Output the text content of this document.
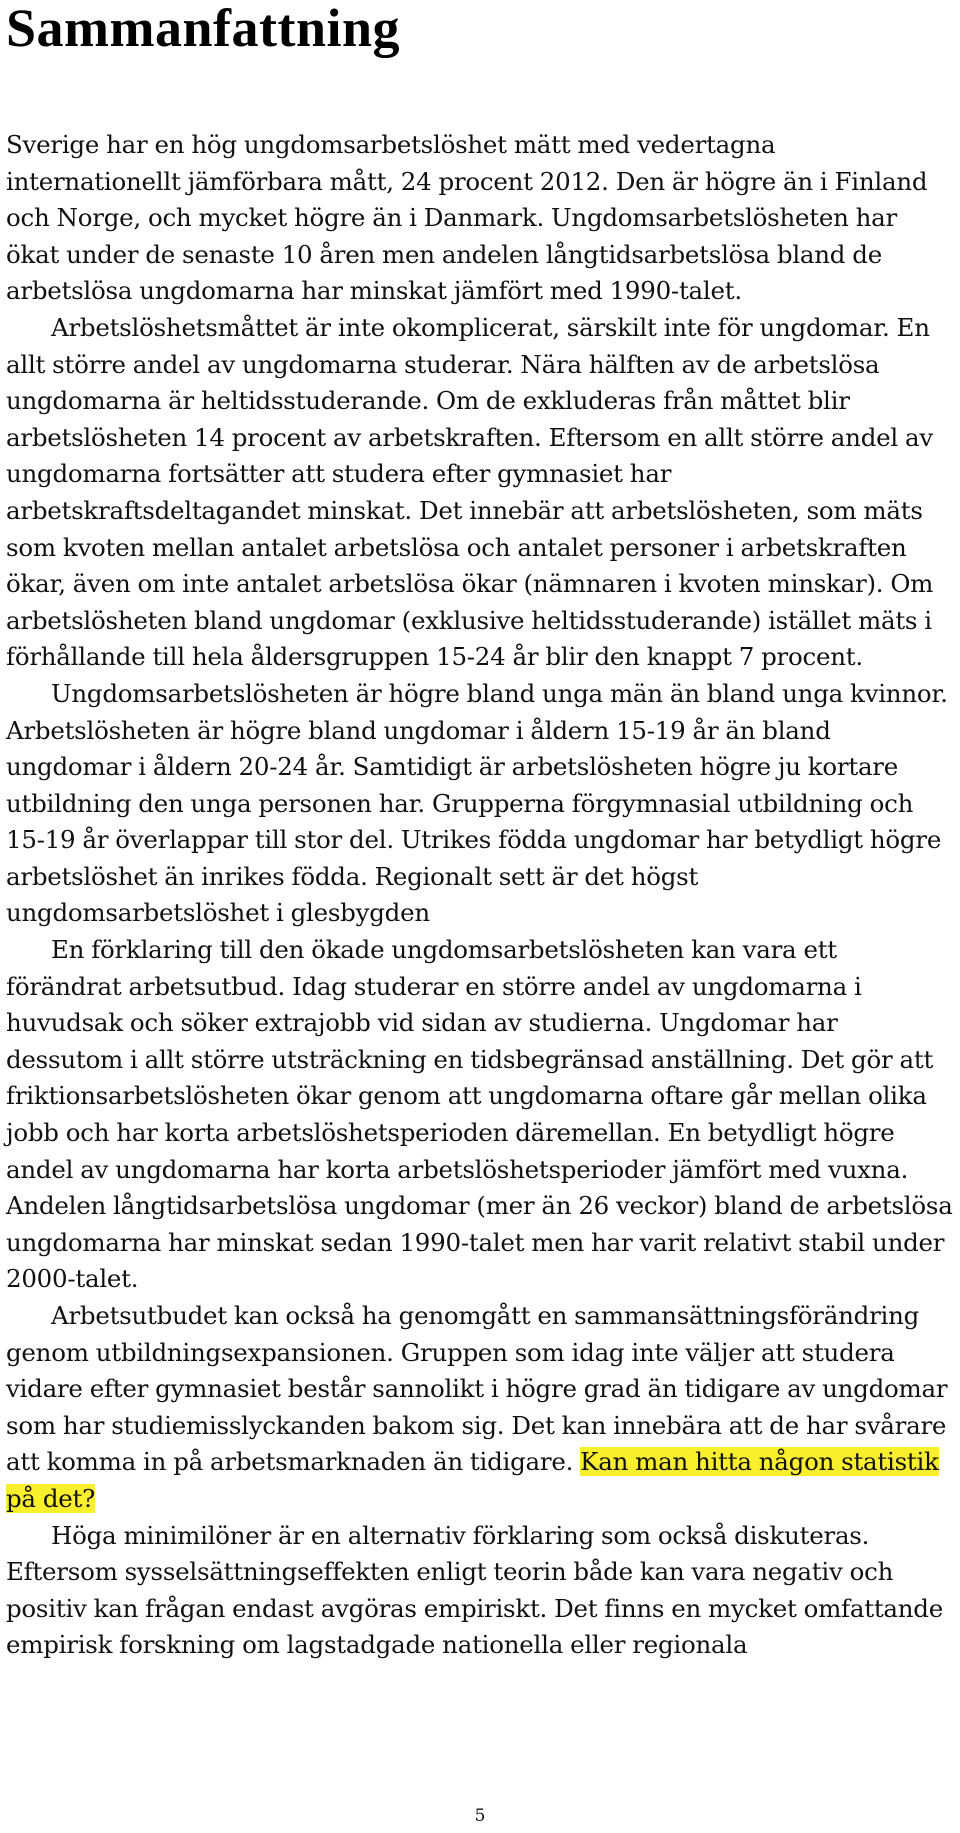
Sammanfattning

Sverige har en hög ungdomsarbetslöshet mätt med vedertagna internationellt jämförbara mått, 24 procent 2012. Den är högre än i Finland och Norge, och mycket högre än i Danmark. Ungdomsarbetslösheten har ökat under de senaste 10 åren men andelen långtidsarbetslösa bland de arbetslösa ungdomarna har minskat jämfört med 1990-talet.

Arbetslöshetsmåttet är inte okomplicerat, särskilt inte för ungdomar. En allt större andel av ungdomarna studerar. Nära hälften av de arbetslösa ungdomarna är heltidsstuderande. Om de exkluderas från måttet blir arbetslösheten 14 procent av arbetskraften. Eftersom en allt större andel av ungdomarna fortsätter att studera efter gymnasiet har arbetskraftsdeltagandet minskat. Det innebär att arbetslösheten, som mäts som kvoten mellan antalet arbetslösa och antalet personer i arbetskraften ökar, även om inte antalet arbetslösa ökar (nämnaren i kvoten minskar). Om arbetslösheten bland ungdomar (exklusive heltidsstuderande) istället mäts i förhållande till hela åldersgruppen 15-24 år blir den knappt 7 procent.

Ungdomsarbetslösheten är högre bland unga män än bland unga kvinnor. Arbetslösheten är högre bland ungdomar i åldern 15-19 år än bland ungdomar i åldern 20-24 år. Samtidigt är arbetslösheten högre ju kortare utbildning den unga personen har. Grupperna förgymnasial utbildning och 15-19 år överlappar till stor del. Utrikes födda ungdomar har betydligt högre arbetslöshet än inrikes födda. Regionalt sett är det högst ungdomsarbetslöshet i glesbygden

En förklaring till den ökade ungdomsarbetslösheten kan vara ett förändrat arbetsutbud. Idag studerar en större andel av ungdomarna i huvudsak och söker extrajobb vid sidan av studierna. Ungdomar har dessutom i allt större utsträckning en tidsbegränsad anställning. Det gör att friktionsarbetslösheten ökar genom att ungdomarna oftare går mellan olika jobb och har korta arbetslöshetsperioden däremellan. En betydligt högre andel av ungdomarna har korta arbetslöshetsperioder jämfört med vuxna. Andelen långtidsarbetslösa ungdomar (mer än 26 veckor) bland de arbetslösa ungdomarna har minskat sedan 1990-talet men har varit relativt stabil under 2000-talet.

Arbetsutbudet kan också ha genomgått en sammansättningsförändring genom utbildningsexpansionen. Gruppen som idag inte väljer att studera vidare efter gymnasiet består sannolikt i högre grad än tidigare av ungdomar som har studiemisslyckanden bakom sig. Det kan innebära att de har svårare att komma in på arbetsmarknaden än tidigare. Kan man hitta någon statistik på det?

Höga minimilöner är en alternativ förklaring som också diskuteras. Eftersom sysselsättningseffekten enligt teorin både kan vara negativ och positiv kan frågan endast avgöras empiriskt. Det finns en mycket omfattande empirisk forskning om lagstadgade nationella eller regionala

5
